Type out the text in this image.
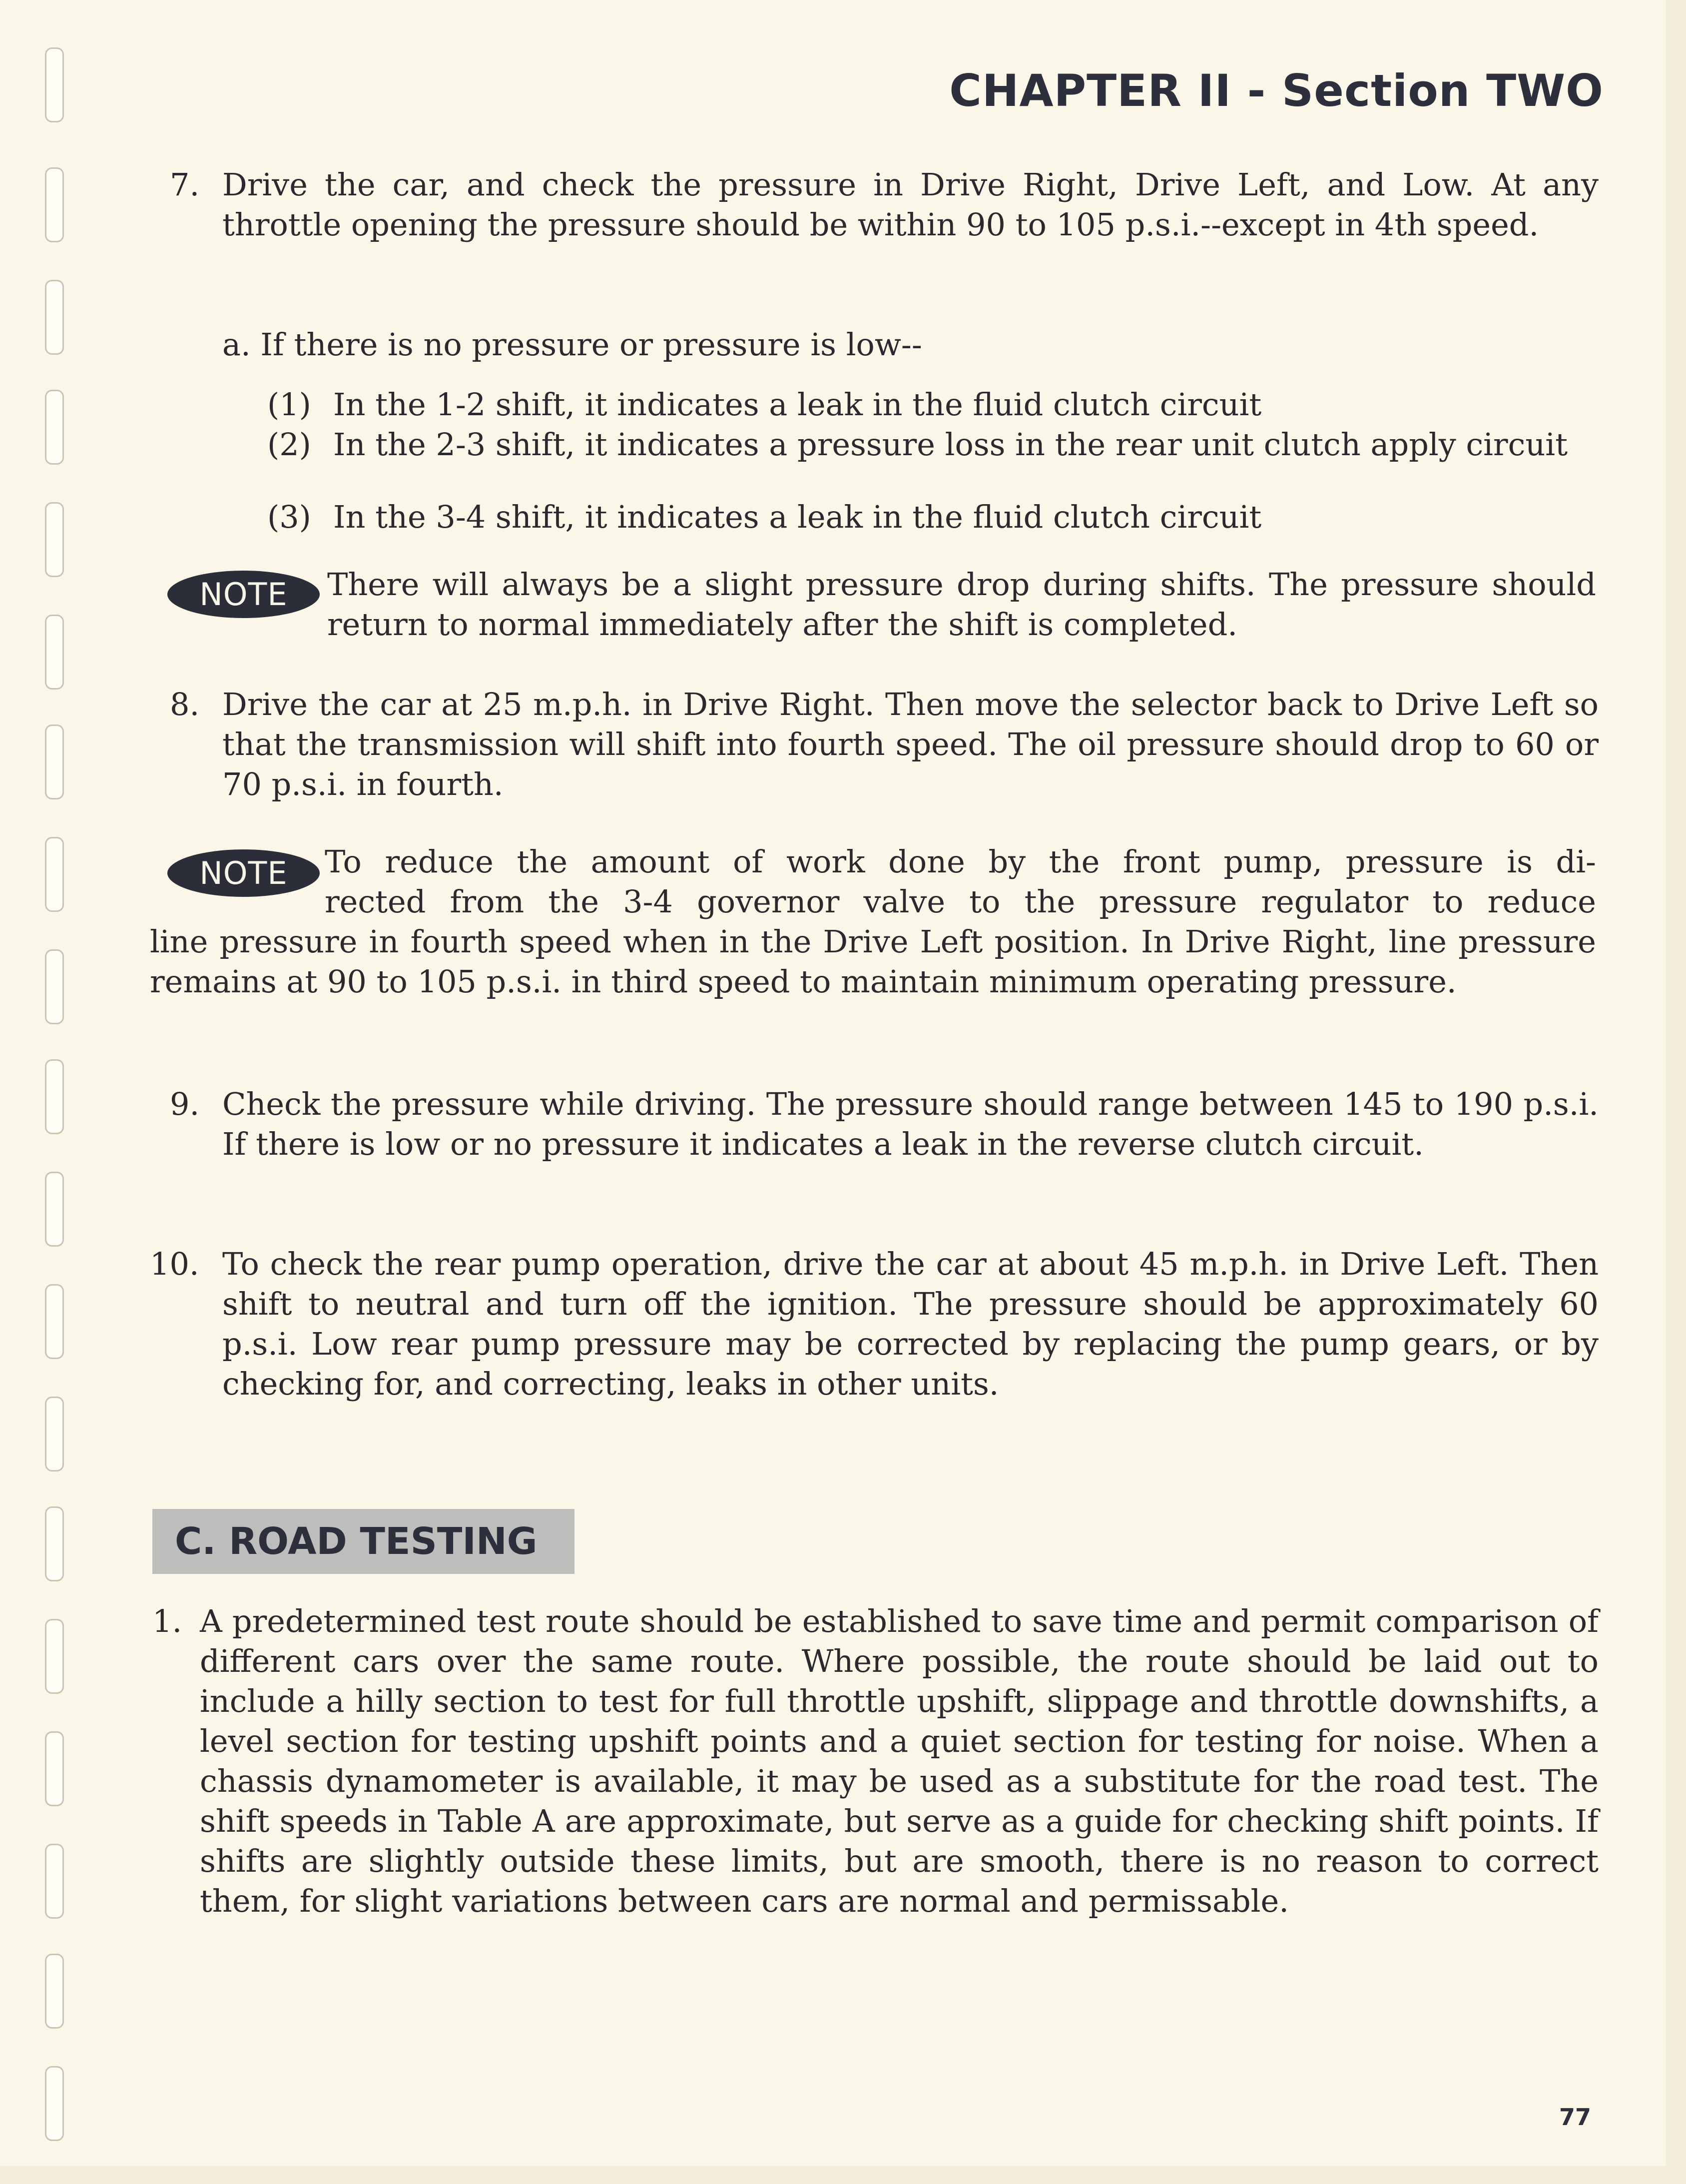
CHAPTER II - Section TWO
7. Drive the car, and check the pressure in Drive Right, Drive Left, and Low. At any throttle opening the pressure should be within 90 to 105 p.s.i.--except in 4th speed.

a. If there is no pressure or pressure is low--

(1) In the 1-2 shift, it indicates a leak in the fluid clutch circuit

(2) In the 2-3 shift, it indicates a pressure loss in the rear unit clutch apply circuit

(3) In the 3-4 shift, it indicates a leak in the fluid clutch circuit

NOTE	There will always be a slight pressure drop during shifts. The pressure should return to normal immediately after the shift is completed.

8. Drive the car at 25 m.p.h. in Drive Right. Then move the selector back to Drive Left so that the transmission will shift into fourth speed. The oil pressure should drop to 60 or 70 p.s.i. in fourth.

NOTE	To reduce the amount of work done by the front pump, pressure is di-

rected from the 3-4 governor valve to the pressure regulator to reduce

line pressure in fourth speed when in the Drive Left position. In Drive Right, line pressure remains at 90 to 105 p.s.i. in third speed to maintain minimum operating pressure.

9. Check the pressure while driving. The pressure should range between 145 to 190 p.s.i. If there is low or no pressure it indicates a leak in the reverse clutch circuit.

10. To check the rear pump operation, drive the car at about 45 m.p.h. in Drive Left. Then shift to neutral and turn off the ignition. The pressure should be approximately 60 p.s.i. Low rear pump pressure may be corrected by replacing the pump gears, or by checking for, and correcting, leaks in other units.

C. ROAD TESTING
1. A predetermined test route should be established to save time and permit comparison of different cars over the same route. Where possible, the route should be laid out to include a hilly section to test for full throttle upshift, slippage and throttle downshifts, a level section for testing upshift points and a quiet section for testing for noise. When a chassis dynamometer is available, it may be used as a substitute for the road test. The shift speeds in Table A are approximate, but serve as a guide for checking shift points. If shifts are slightly outside these limits, but are smooth, there is no reason to correct them, for slight variations between cars are normal and permissable.

77
